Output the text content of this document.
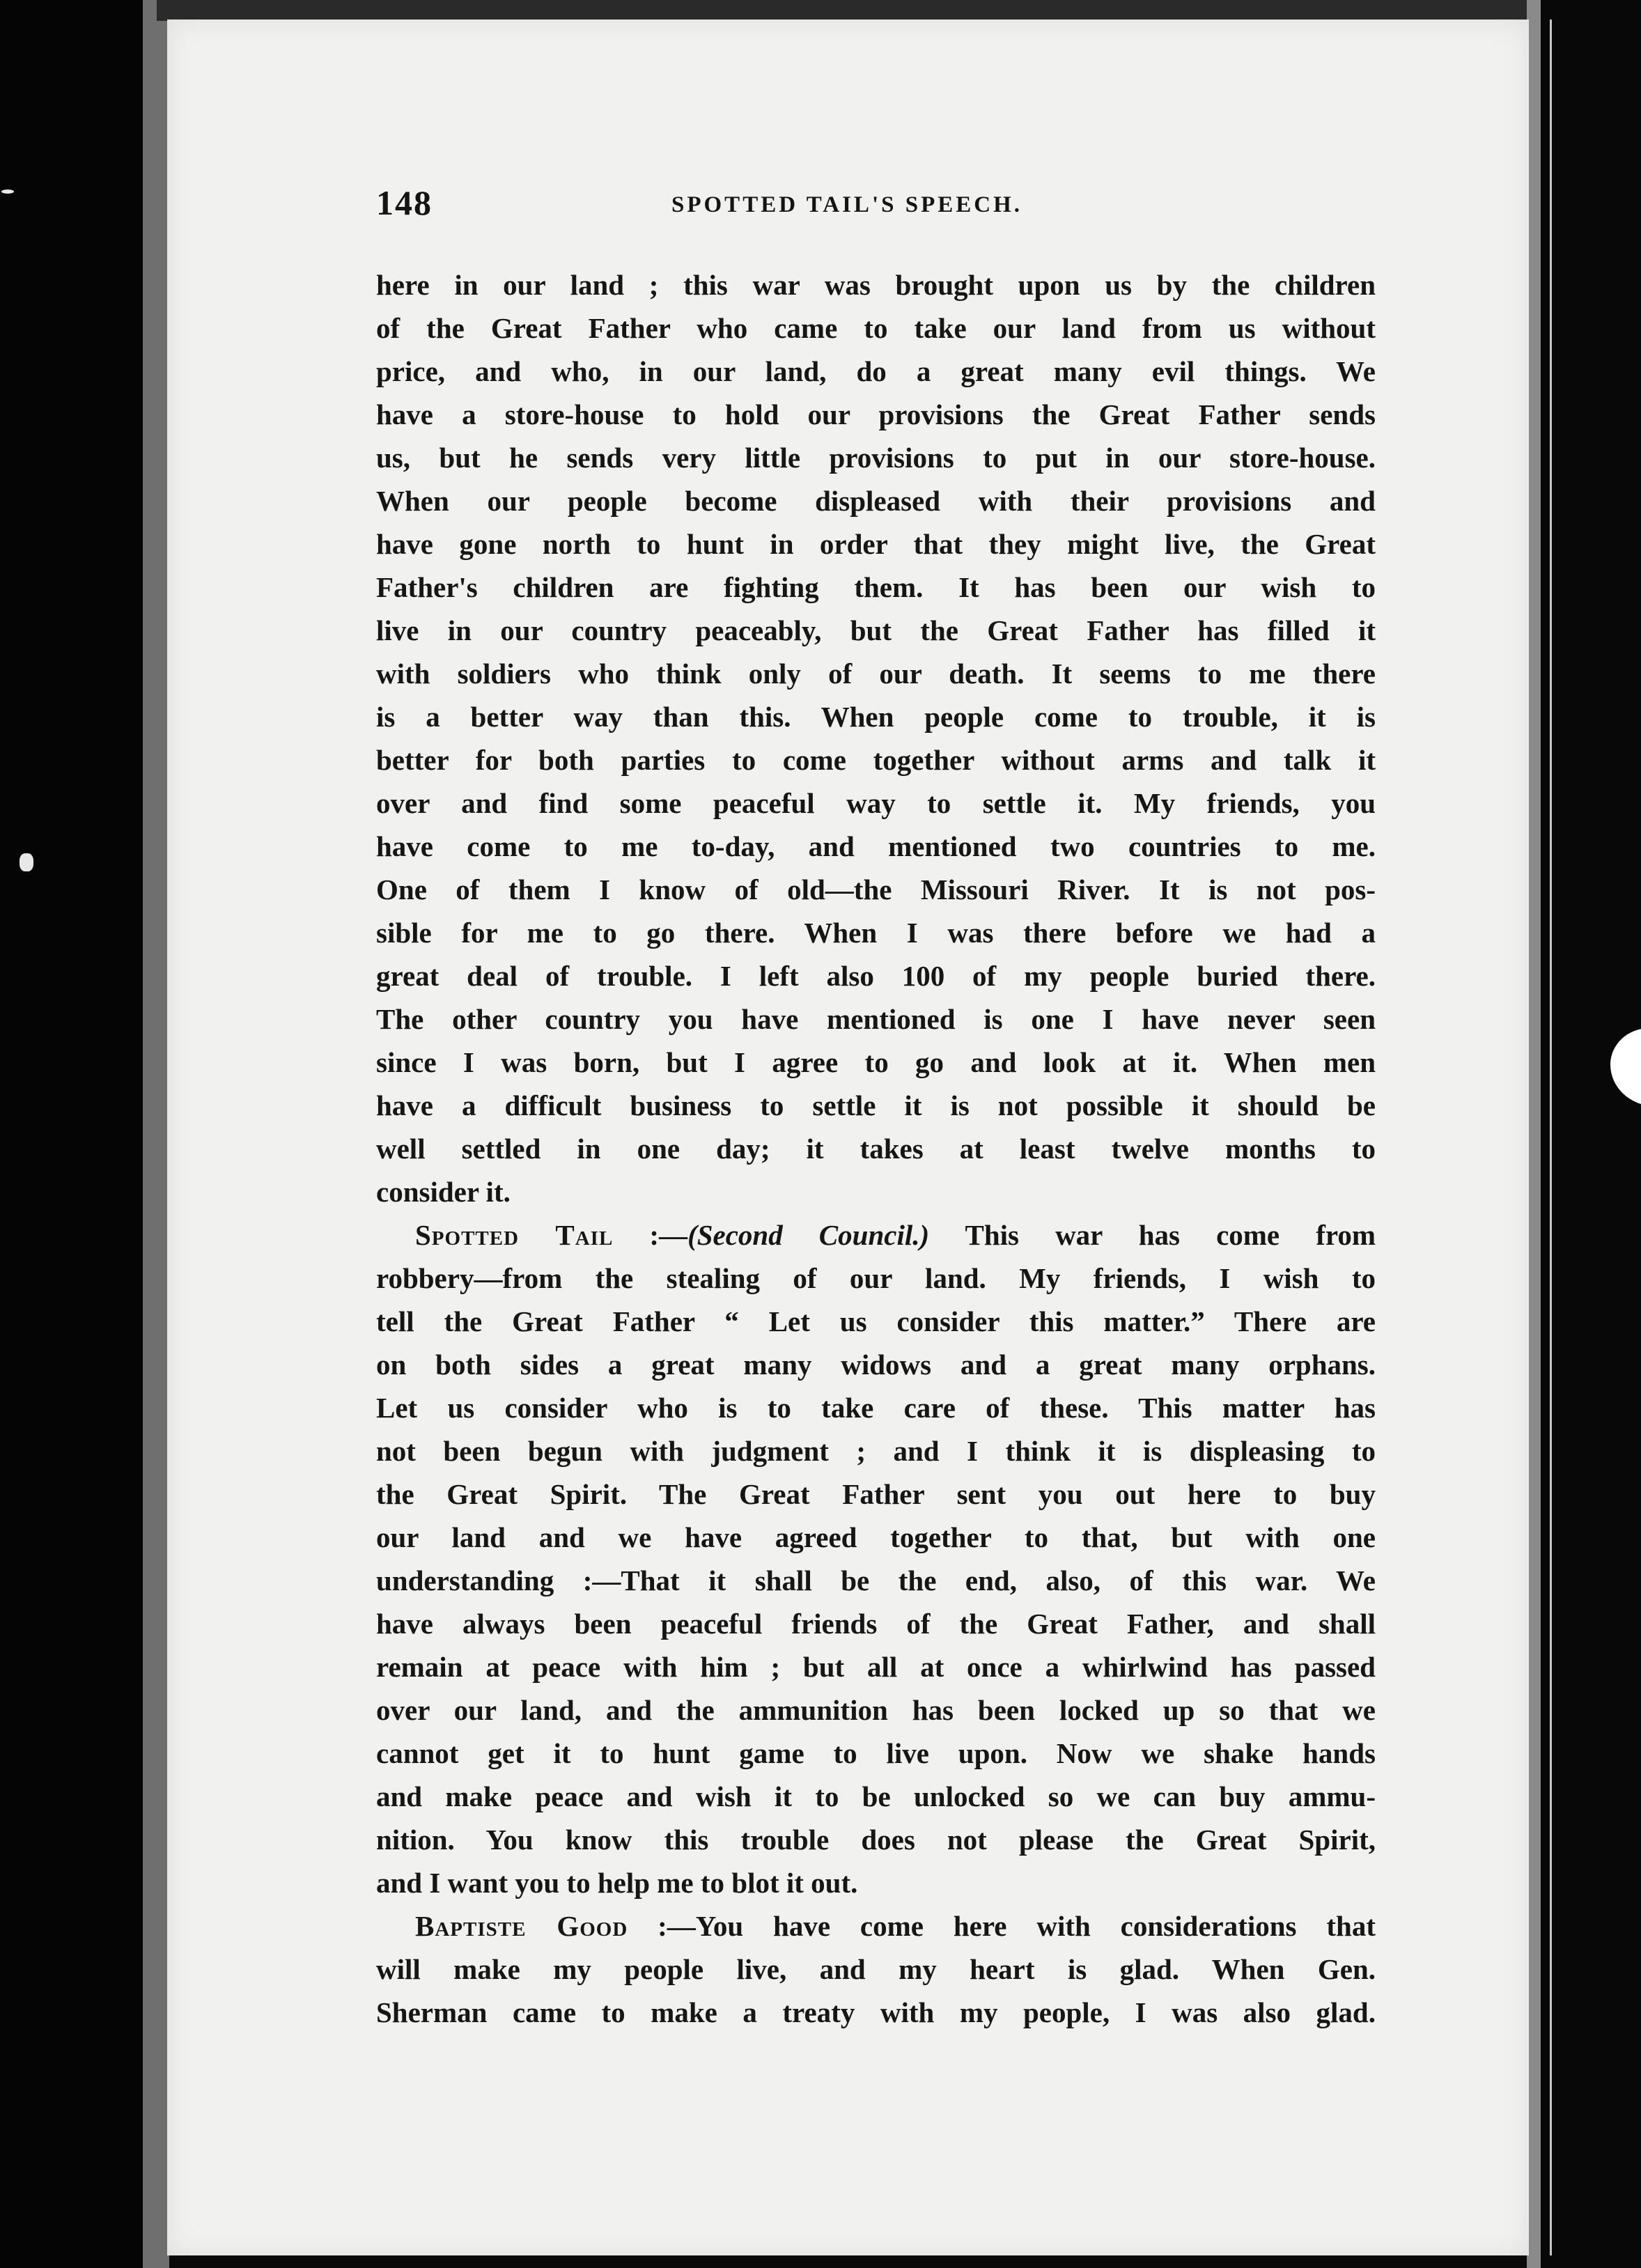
148	SPOTTED TAIL'S SPEECH.
here in our land ; this war was brought upon us by the children
of the Great Father who came to take our land from us without
price, and who, in our land, do a great many evil things. We
have a store-house to hold our provisions the Great Father sends
us, but he sends very little provisions to put in our store-house.
When our people become displeased with their provisions and
have gone north to hunt in order that they might live, the Great
Father's children are fighting them. It has been our wish to
live in our country peaceably, but the Great Father has filled it
with soldiers who think only of our death. It seems to me there
is a better way than this. When people come to trouble, it is
better for both parties to come together without arms and talk it
over and find some peaceful way to settle it. My friends, you
have come to me to-day, and mentioned two countries to me.
One of them I know of old—the Missouri River. It is not pos-
sible for me to go there. When I was there before we had a
great deal of trouble. I left also 100 of my people buried there.
The other country you have mentioned is one I have never seen
since I was born, but I agree to go and look at it. When men
have a difficult business to settle it is not possible it should be
well settled in one day; it takes at least twelve months to
consider it.
Spotted Tail :—(Second Council.) This war has come from
robbery—from the stealing of our land. My friends, I wish to
tell the Great Father “ Let us consider this matter.” There are
on both sides a great many widows and a great many orphans.
Let us consider who is to take care of these. This matter has
not been begun with judgment ; and I think it is displeasing to
the Great Spirit. The Great Father sent you out here to buy
our land and we have agreed together to that, but with one
understanding :—That it shall be the end, also, of this war. We
have always been peaceful friends of the Great Father, and shall
remain at peace with him ; but all at once a whirlwind has passed
over our land, and the ammunition has been locked up so that we
cannot get it to hunt game to live upon. Now we shake hands
and make peace and wish it to be unlocked so we can buy ammu-
nition. You know this trouble does not please the Great Spirit,
and I want you to help me to blot it out.
Baptiste Good :—You have come here with considerations that
will make my people live, and my heart is glad. When Gen.
Sherman came to make a treaty with my people, I was also glad.
